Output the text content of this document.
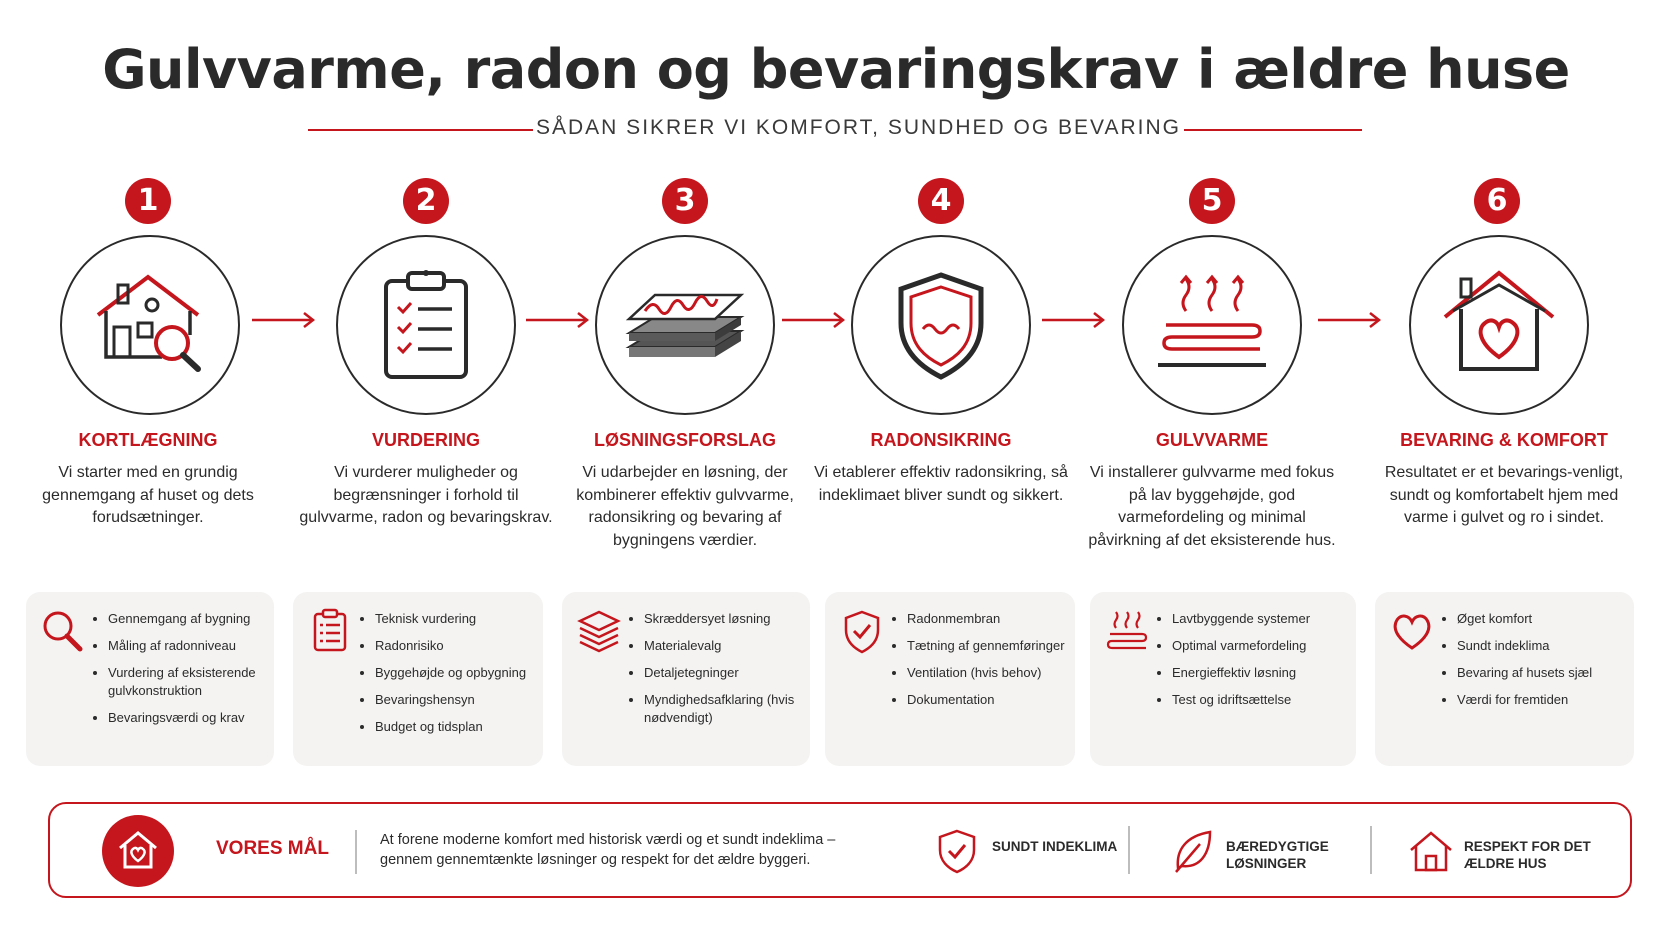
Gulvvarme, radon og bevaringskrav i ældre huse
SÅDAN SIKRER VI KOMFORT, SUNDHED OG BEVARING
1
KORTLÆGNING
Vi starter med en grundig gennemgang af huset og dets forudsætninger.
2
VURDERING
Vi vurderer muligheder og begrænsninger i forhold til gulvvarme, radon og bevaringskrav.
3
LØSNINGSFORSLAG
Vi udarbejder en løsning, der kombinerer effektiv gulvvarme, radonsikring og bevaring af bygningens værdier.
4
RADONSIKRING
Vi etablerer effektiv radonsikring, så indeklimaet bliver sundt og sikkert.
5
GULVVARME
Vi installerer gulvvarme med fokus på lav byggehøjde, god varmefordeling og minimal påvirkning af det eksisterende hus.
6
BEVARING & KOMFORT
Resultatet er et bevarings-venligt, sundt og komfortabelt hjem med varme i gulvet og ro i sindet.
• Gennemgang af bygning
• Måling af radonniveau
• Vurdering af eksisterende gulvkonstruktion
• Bevaringsværdi og krav
• Teknisk vurdering
• Radonrisiko
• Byggehøjde og opbygning
• Bevaringshensyn
• Budget og tidsplan
• Skræddersyet løsning
• Materialevalg
• Detaljetegninger
• Myndighedsafklaring (hvis nødvendigt)
• Radonmembran
• Tætning af gennemføringer
• Ventilation (hvis behov)
• Dokumentation
• Lavtbyggende systemer
• Optimal varmefordeling
• Energieffektiv løsning
• Test og idriftsættelse
• Øget komfort
• Sundt indeklima
• Bevaring af husets sjæl
• Værdi for fremtiden
VORES MÅL	At forene moderne komfort med historisk værdi og et sundt indeklima – gennem gennemtænkte løsninger og respekt for det ældre byggeri.
SUNDT INDEKLIMA	BÆREDYGTIGE LØSNINGER
RESPEKT FOR DET ÆLDRE HUS
